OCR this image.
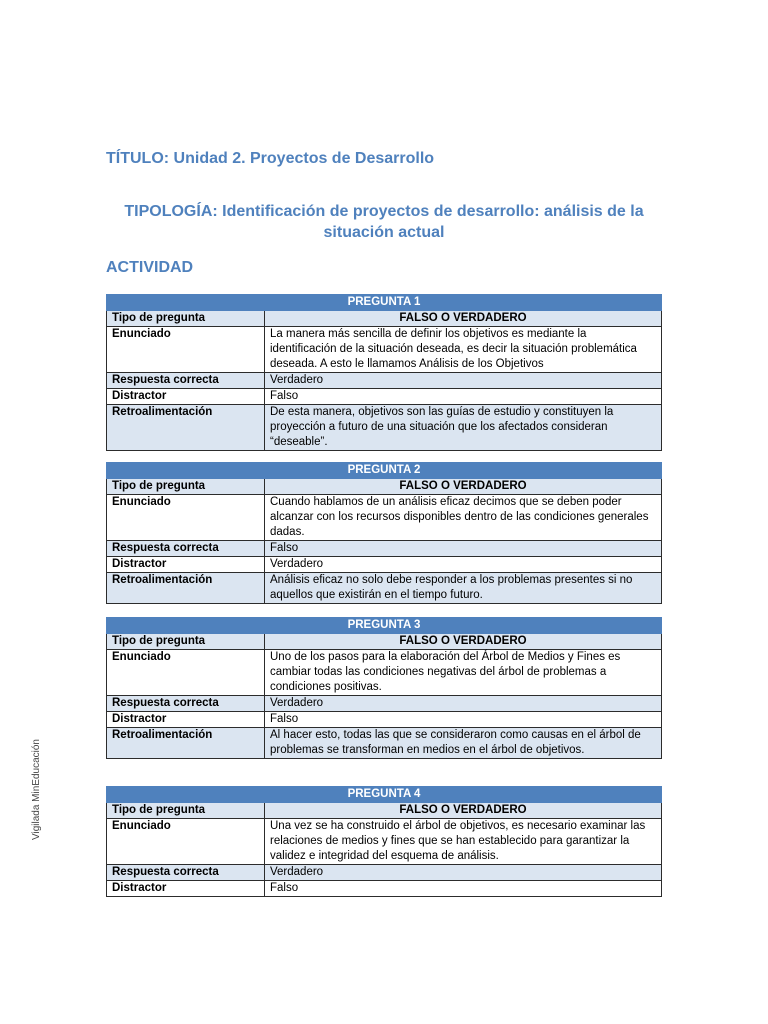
TÍTULO: Unidad 2. Proyectos de Desarrollo
TIPOLOGÍA: Identificación de proyectos de desarrollo: análisis de la situación actual
ACTIVIDAD
Vigilada MinEducación
PREGUNTA 1	
Tipo de pregunta	FALSO O VERDADERO
Enunciado	La manera más sencilla de definir los objetivos es mediante la identificación de la situación deseada, es decir la situación problemática deseada. A esto le llamamos Análisis de los Objetivos
Respuesta correcta	Verdadero
Distractor	Falso
Retroalimentación	De esta manera, objetivos son las guías de estudio y constituyen la proyección a futuro de una situación que los afectados consideran “deseable”.
PREGUNTA 2	
Tipo de pregunta	FALSO O VERDADERO
Enunciado	Cuando hablamos de un análisis eficaz decimos que se deben poder alcanzar con los recursos disponibles dentro de las condiciones generales dadas.
Respuesta correcta	Falso
Distractor	Verdadero
Retroalimentación	Análisis eficaz no solo debe responder a los problemas presentes si no aquellos que existirán en el tiempo futuro.
PREGUNTA 3	
Tipo de pregunta	FALSO O VERDADERO
Enunciado	Uno de los pasos para la elaboración del Árbol de Medios y Fines es cambiar todas las condiciones negativas del árbol de problemas a condiciones positivas.
Respuesta correcta	Verdadero
Distractor	Falso
Retroalimentación	Al hacer esto, todas las que se consideraron como causas en el árbol de problemas se transforman en medios en el árbol de objetivos.
PREGUNTA 4	
Tipo de pregunta	FALSO O VERDADERO
Enunciado	Una vez se ha construido el árbol de objetivos, es necesario examinar las relaciones de medios y fines que se han establecido para garantizar la validez e integridad del esquema de análisis.
Respuesta correcta	Verdadero
Distractor	Falso
